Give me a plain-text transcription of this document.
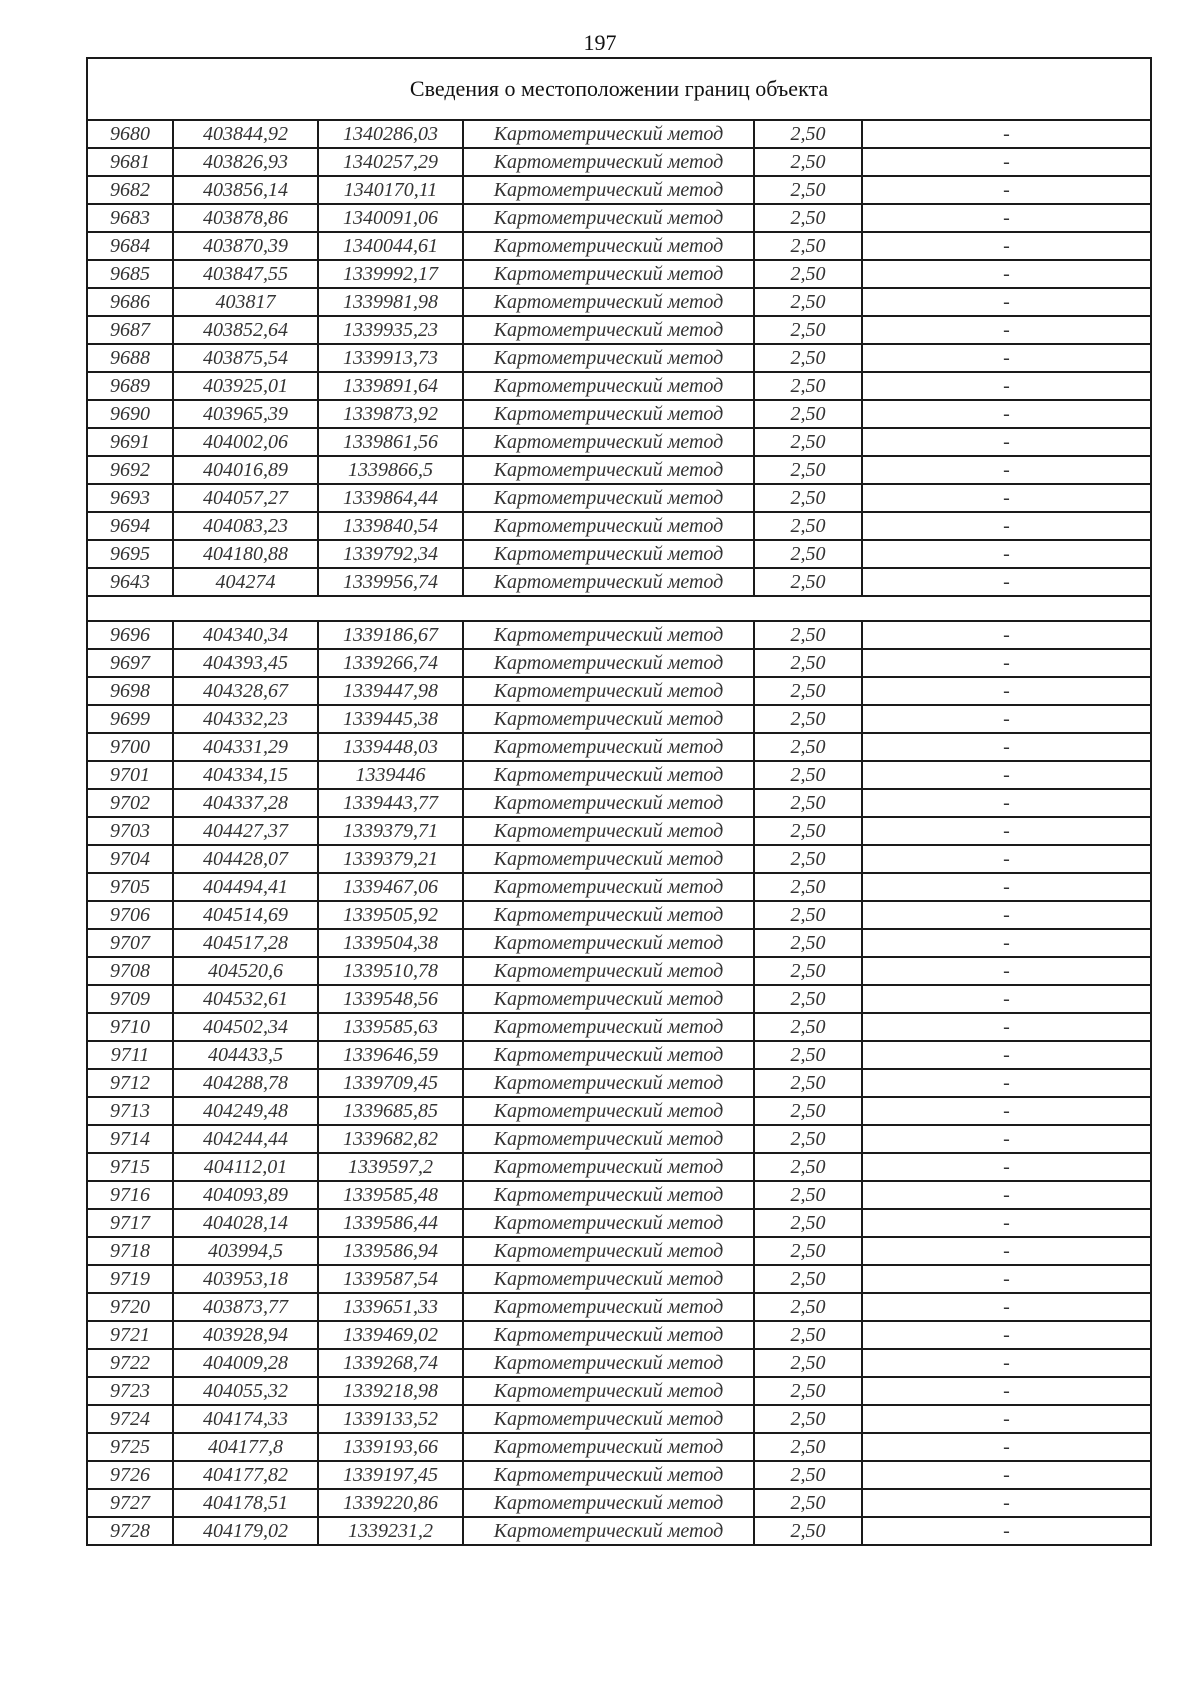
197
Сведения о местоположении границ объекта					
9680	403844,92	1340286,03	Картометрический метод	2,50	-
9681	403826,93	1340257,29	Картометрический метод	2,50	-
9682	403856,14	1340170,11	Картометрический метод	2,50	-
9683	403878,86	1340091,06	Картометрический метод	2,50	-
9684	403870,39	1340044,61	Картометрический метод	2,50	-
9685	403847,55	1339992,17	Картометрический метод	2,50	-
9686	403817	1339981,98	Картометрический метод	2,50	-
9687	403852,64	1339935,23	Картометрический метод	2,50	-
9688	403875,54	1339913,73	Картометрический метод	2,50	-
9689	403925,01	1339891,64	Картометрический метод	2,50	-
9690	403965,39	1339873,92	Картометрический метод	2,50	-
9691	404002,06	1339861,56	Картометрический метод	2,50	-
9692	404016,89	1339866,5	Картометрический метод	2,50	-
9693	404057,27	1339864,44	Картометрический метод	2,50	-
9694	404083,23	1339840,54	Картометрический метод	2,50	-
9695	404180,88	1339792,34	Картометрический метод	2,50	-
9643	404274	1339956,74	Картометрический метод	2,50	-

9696	404340,34	1339186,67	Картометрический метод	2,50	-
9697	404393,45	1339266,74	Картометрический метод	2,50	-
9698	404328,67	1339447,98	Картометрический метод	2,50	-
9699	404332,23	1339445,38	Картометрический метод	2,50	-
9700	404331,29	1339448,03	Картометрический метод	2,50	-
9701	404334,15	1339446	Картометрический метод	2,50	-
9702	404337,28	1339443,77	Картометрический метод	2,50	-
9703	404427,37	1339379,71	Картометрический метод	2,50	-
9704	404428,07	1339379,21	Картометрический метод	2,50	-
9705	404494,41	1339467,06	Картометрический метод	2,50	-
9706	404514,69	1339505,92	Картометрический метод	2,50	-
9707	404517,28	1339504,38	Картометрический метод	2,50	-
9708	404520,6	1339510,78	Картометрический метод	2,50	-
9709	404532,61	1339548,56	Картометрический метод	2,50	-
9710	404502,34	1339585,63	Картометрический метод	2,50	-
9711	404433,5	1339646,59	Картометрический метод	2,50	-
9712	404288,78	1339709,45	Картометрический метод	2,50	-
9713	404249,48	1339685,85	Картометрический метод	2,50	-
9714	404244,44	1339682,82	Картометрический метод	2,50	-
9715	404112,01	1339597,2	Картометрический метод	2,50	-
9716	404093,89	1339585,48	Картометрический метод	2,50	-
9717	404028,14	1339586,44	Картометрический метод	2,50	-
9718	403994,5	1339586,94	Картометрический метод	2,50	-
9719	403953,18	1339587,54	Картометрический метод	2,50	-
9720	403873,77	1339651,33	Картометрический метод	2,50	-
9721	403928,94	1339469,02	Картометрический метод	2,50	-
9722	404009,28	1339268,74	Картометрический метод	2,50	-
9723	404055,32	1339218,98	Картометрический метод	2,50	-
9724	404174,33	1339133,52	Картометрический метод	2,50	-
9725	404177,8	1339193,66	Картометрический метод	2,50	-
9726	404177,82	1339197,45	Картометрический метод	2,50	-
9727	404178,51	1339220,86	Картометрический метод	2,50	-
9728	404179,02	1339231,2	Картометрический метод	2,50	-
